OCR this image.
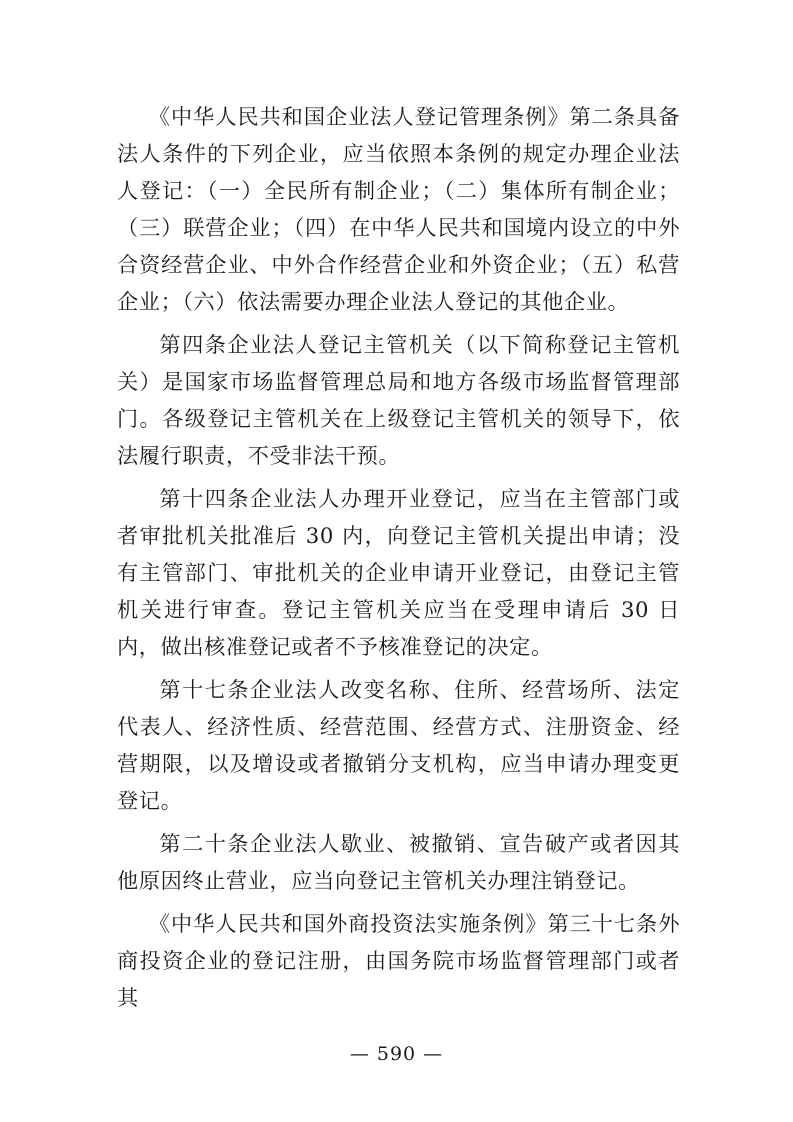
《中华人民共和国企业法人登记管理条例》第二条具备法人条件的下列企业，应当依照本条例的规定办理企业法人登记：（一）全民所有制企业；（二）集体所有制企业；（三）联营企业；（四）在中华人民共和国境内设立的中外合资经营企业、中外合作经营企业和外资企业；（五）私营企业；（六）依法需要办理企业法人登记的其他企业。

第四条企业法人登记主管机关（以下简称登记主管机关）是国家市场监督管理总局和地方各级市场监督管理部门。各级登记主管机关在上级登记主管机关的领导下，依法履行职责，不受非法干预。

第十四条企业法人办理开业登记，应当在主管部门或者审批机关批准后 30 内，向登记主管机关提出申请；没有主管部门、审批机关的企业申请开业登记，由登记主管机关进行审查。登记主管机关应当在受理申请后 30 日内，做出核准登记或者不予核准登记的决定。

第十七条企业法人改变名称、住所、经营场所、法定代表人、经济性质、经营范围、经营方式、注册资金、经营期限，以及增设或者撤销分支机构，应当申请办理变更登记。

第二十条企业法人歇业、被撤销、宣告破产或者因其他原因终止营业，应当向登记主管机关办理注销登记。

《中华人民共和国外商投资法实施条例》第三十七条外商投资企业的登记注册，由国务院市场监督管理部门或者其

— 590 —
